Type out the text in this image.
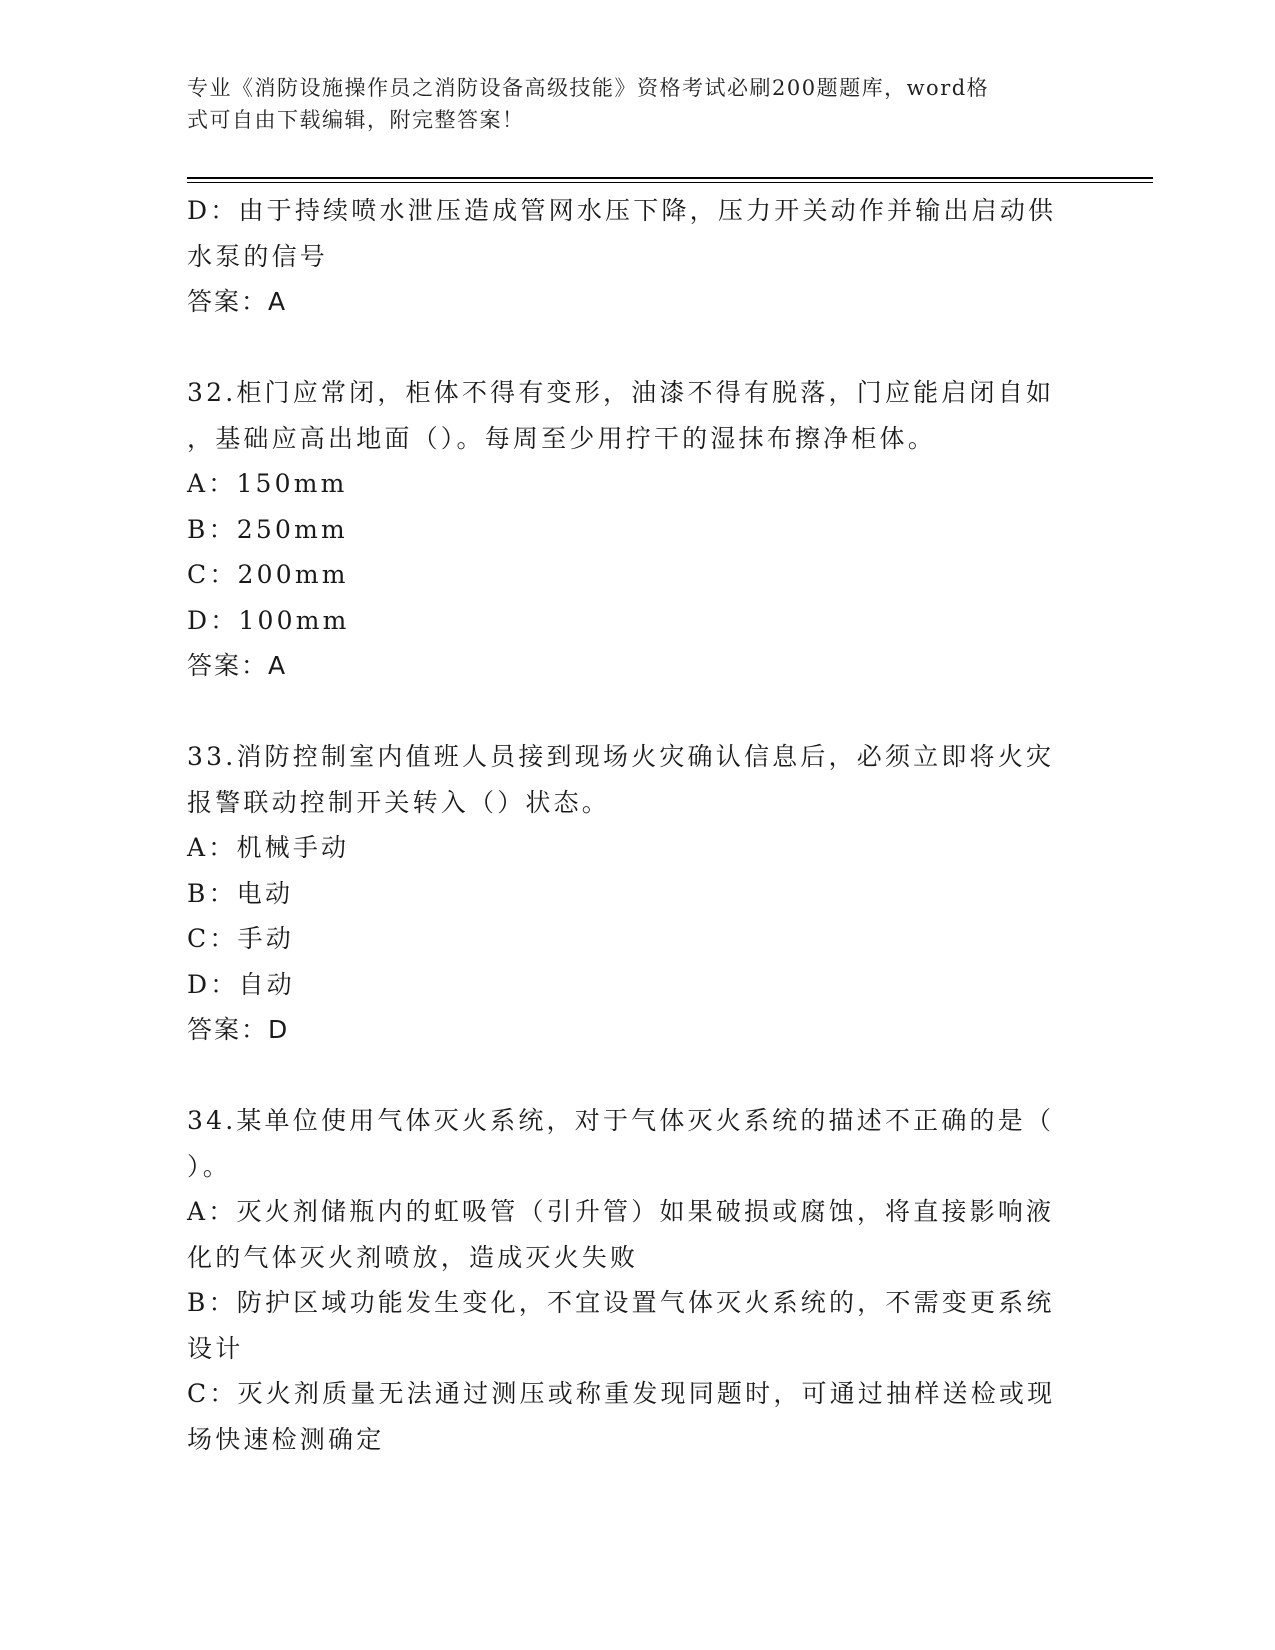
专业《消防设施操作员之消防设备高级技能》资格考试必刷200题题库，word格
式可自由下载编辑，附完整答案！
D：由于持续喷水泄压造成管网水压下降，压力开关动作并输出启动供
水泵的信号
答案：A
32.柜门应常闭，柜体不得有变形，油漆不得有脱落，门应能启闭自如
，基础应高出地面（）。每周至少用拧干的湿抹布擦净柜体。
A：150mm
B：250mm
C：200mm
D：100mm
答案：A
33.消防控制室内值班人员接到现场火灾确认信息后，必须立即将火灾
报警联动控制开关转入（）状态。
A：机械手动
B：电动
C：手动
D：自动
答案：D
34.某单位使用气体灭火系统，对于气体灭火系统的描述不正确的是（
）。
A：灭火剂储瓶内的虹吸管（引升管）如果破损或腐蚀，将直接影响液
化的气体灭火剂喷放，造成灭火失败
B：防护区域功能发生变化，不宜设置气体灭火系统的，不需变更系统
设计
C：灭火剂质量无法通过测压或称重发现同题时，可通过抽样送检或现
场快速检测确定
